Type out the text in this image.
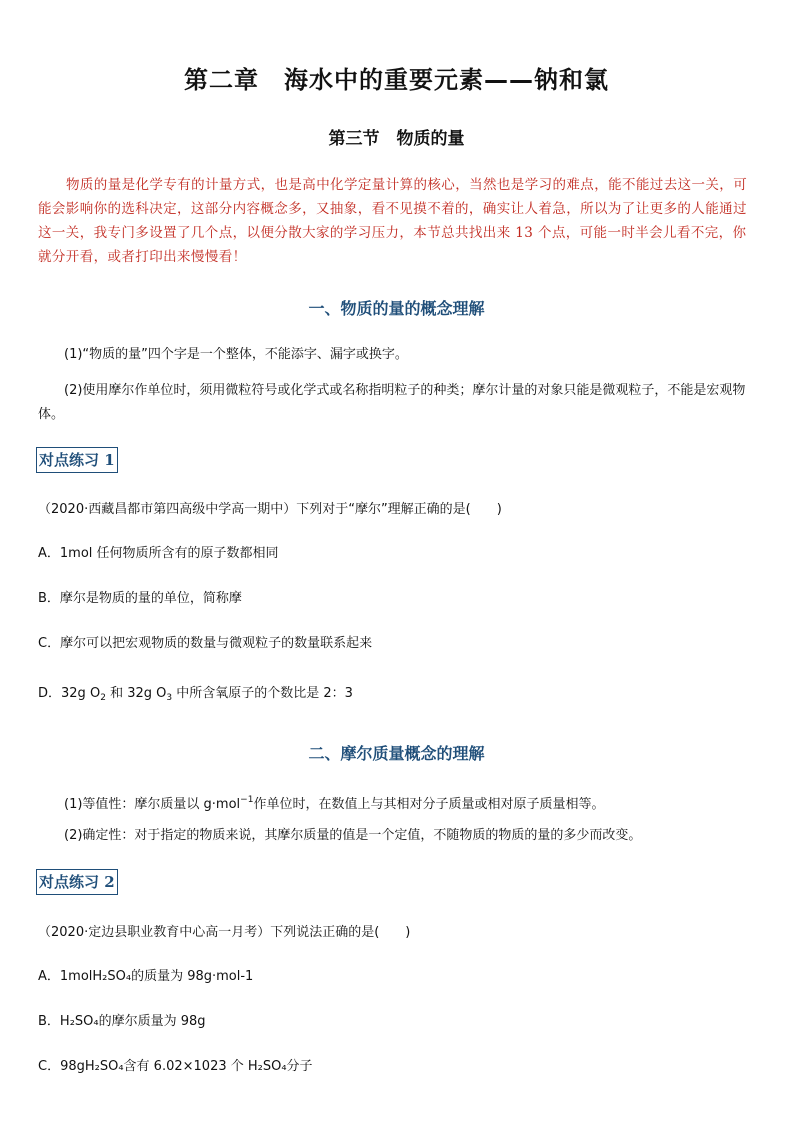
第二章　海水中的重要元素——钠和氯
第三节　物质的量
物质的量是化学专有的计量方式，也是高中化学定量计算的核心，当然也是学习的难点，能不能过去这一关，可能会影响你的选科决定，这部分内容概念多，又抽象，看不见摸不着的，确实让人着急，所以为了让更多的人能通过这一关，我专门多设置了几个点，以便分散大家的学习压力，本节总共找出来 13 个点，可能一时半会儿看不完，你就分开看，或者打印出来慢慢看！
一、物质的量的概念理解
(1)“物质的量”四个字是一个整体，不能添字、漏字或换字。
(2)使用摩尔作单位时，须用微粒符号或化学式或名称指明粒子的种类；摩尔计量的对象只能是微观粒子，不能是宏观物体。
对点练习 1
（2020·西藏昌都市第四高级中学高一期中）下列对于“摩尔”理解正确的是(　　)
A．1mol 任何物质所含有的原子数都相同
B．摩尔是物质的量的单位，简称摩
C．摩尔可以把宏观物质的数量与微观粒子的数量联系起来
D．32g $O_2$ 和 32g $O_3$ 中所含氧原子的个数比是 2：3
二、摩尔质量概念的理解
(1)等值性：摩尔质量以 g·mol$^{-1}$作单位时，在数值上与其相对分子质量或相对原子质量相等。
(2)确定性：对于指定的物质来说，其摩尔质量的值是一个定值，不随物质的物质的量的多少而改变。
对点练习 2
（2020·定边县职业教育中心高一月考）下列说法正确的是(　　)
A．1molH₂SO₄的质量为 98g·mol-1
B．H₂SO₄的摩尔质量为 98g
C．98gH₂SO₄含有 6.02×1023 个 H₂SO₄分子
